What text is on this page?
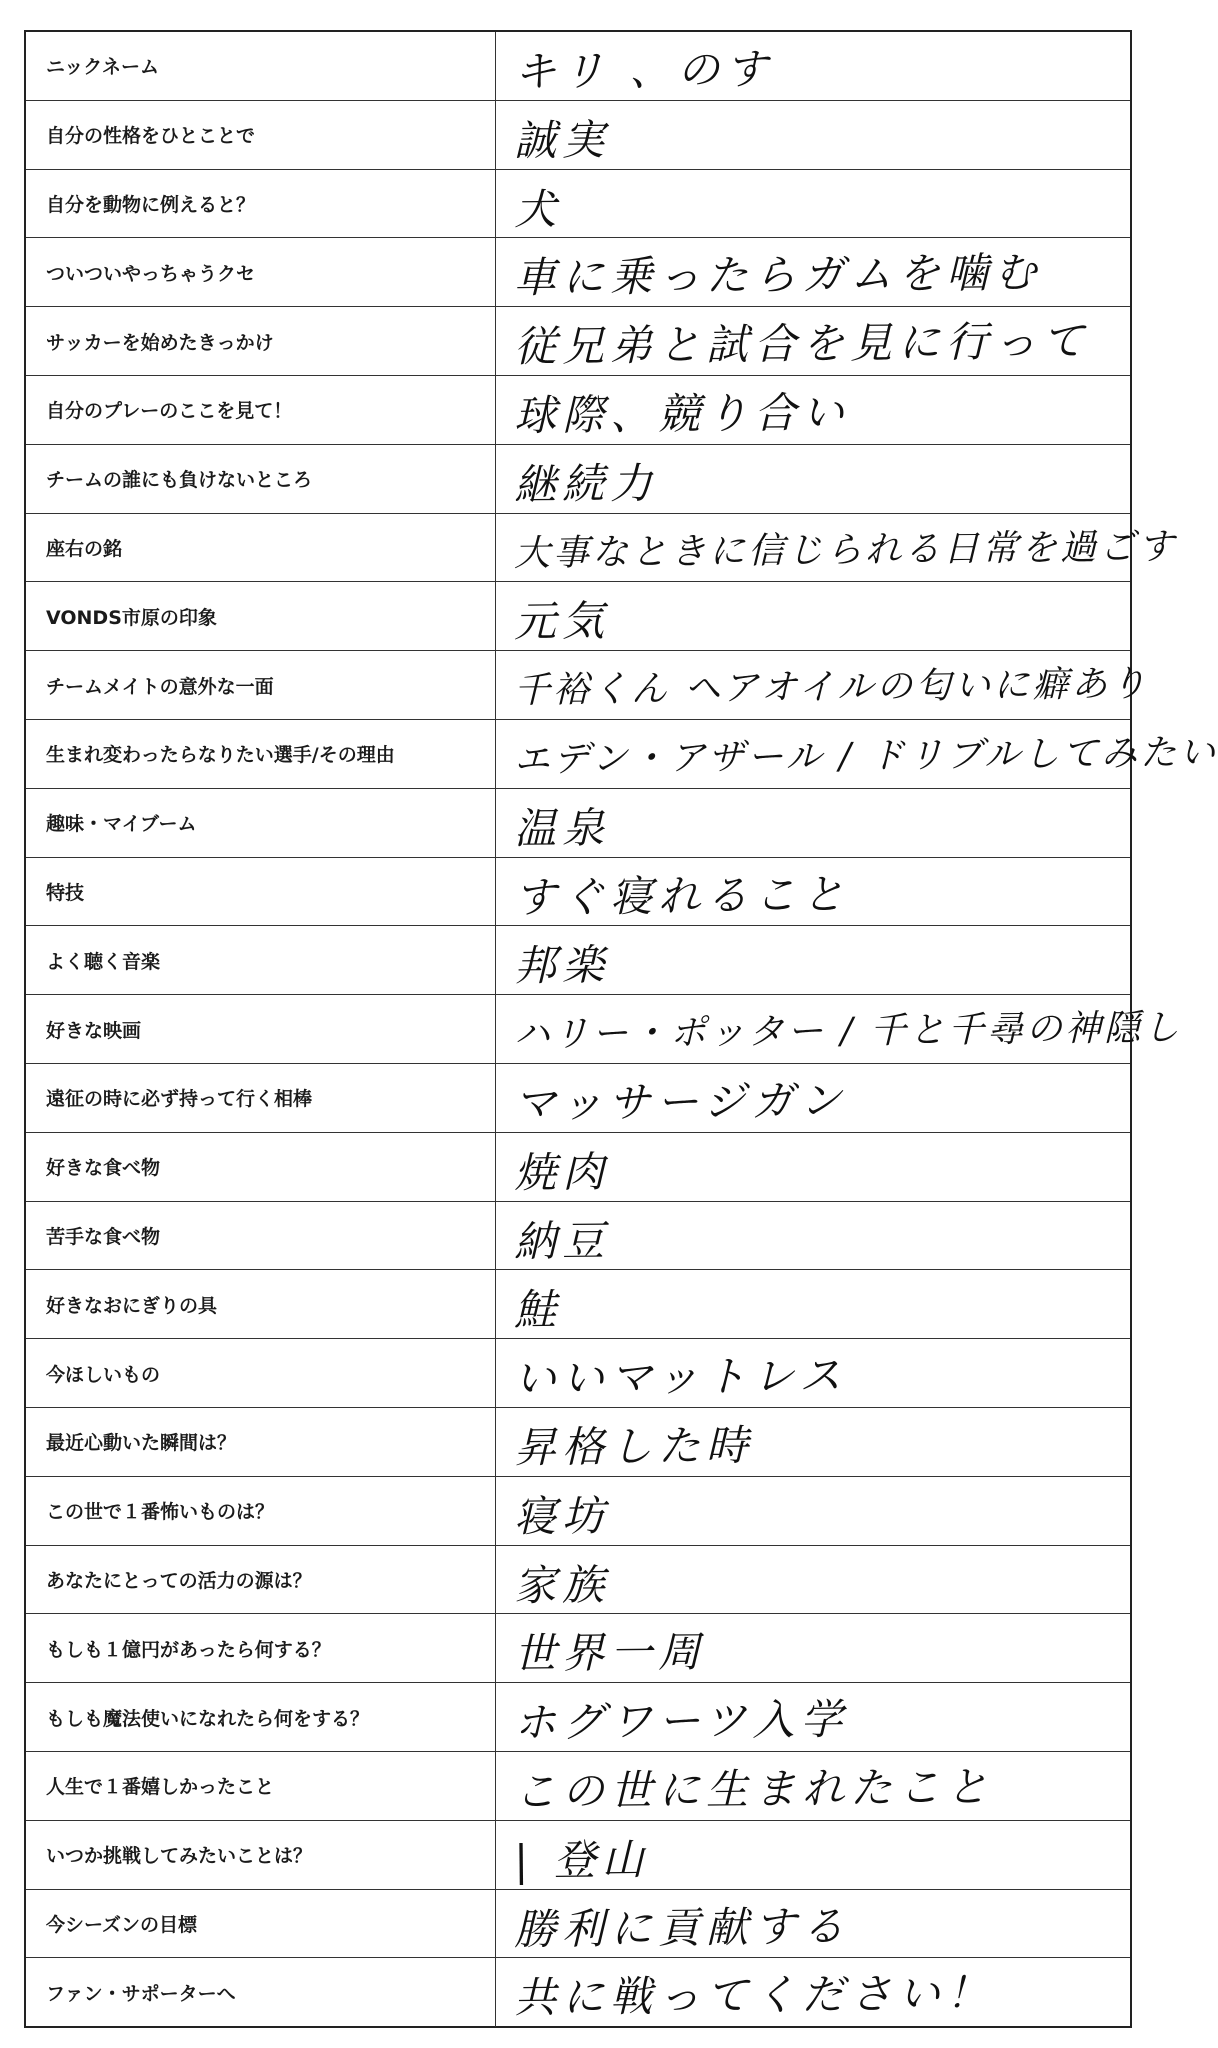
ニックネーム	キリ 、のす
自分の性格をひとことで	誠実
自分を動物に例えると？	犬
ついついやっちゃうクセ	車に乗ったらガムを噛む
サッカーを始めたきっかけ	従兄弟と試合を見に行って
自分のプレーのここを見て！	球際、競り合い
チームの誰にも負けないところ	継続力
座右の銘	大事なときに信じられる日常を過ごす
VONDS市原の印象	元気
チームメイトの意外な一面	千裕くん ヘアオイルの匂いに癖あり
生まれ変わったらなりたい選手/その理由	エデン・アザール / ドリブルしてみたい
趣味・マイブーム	温泉
特技	すぐ寝れること
よく聴く音楽	邦楽
好きな映画	ハリー・ポッター / 千と千尋の神隠し
遠征の時に必ず持って行く相棒	マッサージガン
好きな食べ物	焼肉
苦手な食べ物	納豆
好きなおにぎりの具	鮭
今ほしいもの	いいマットレス
最近心動いた瞬間は？	昇格した時
この世で１番怖いものは？	寝坊
あなたにとっての活力の源は？	家族
もしも１億円があったら何する？	世界一周
もしも魔法使いになれたら何をする？	ホグワーツ入学
人生で１番嬉しかったこと	この世に生まれたこと
いつか挑戦してみたいことは？	| 登山
今シーズンの目標	勝利に貢献する
ファン・サポーターへ	共に戦ってください！
